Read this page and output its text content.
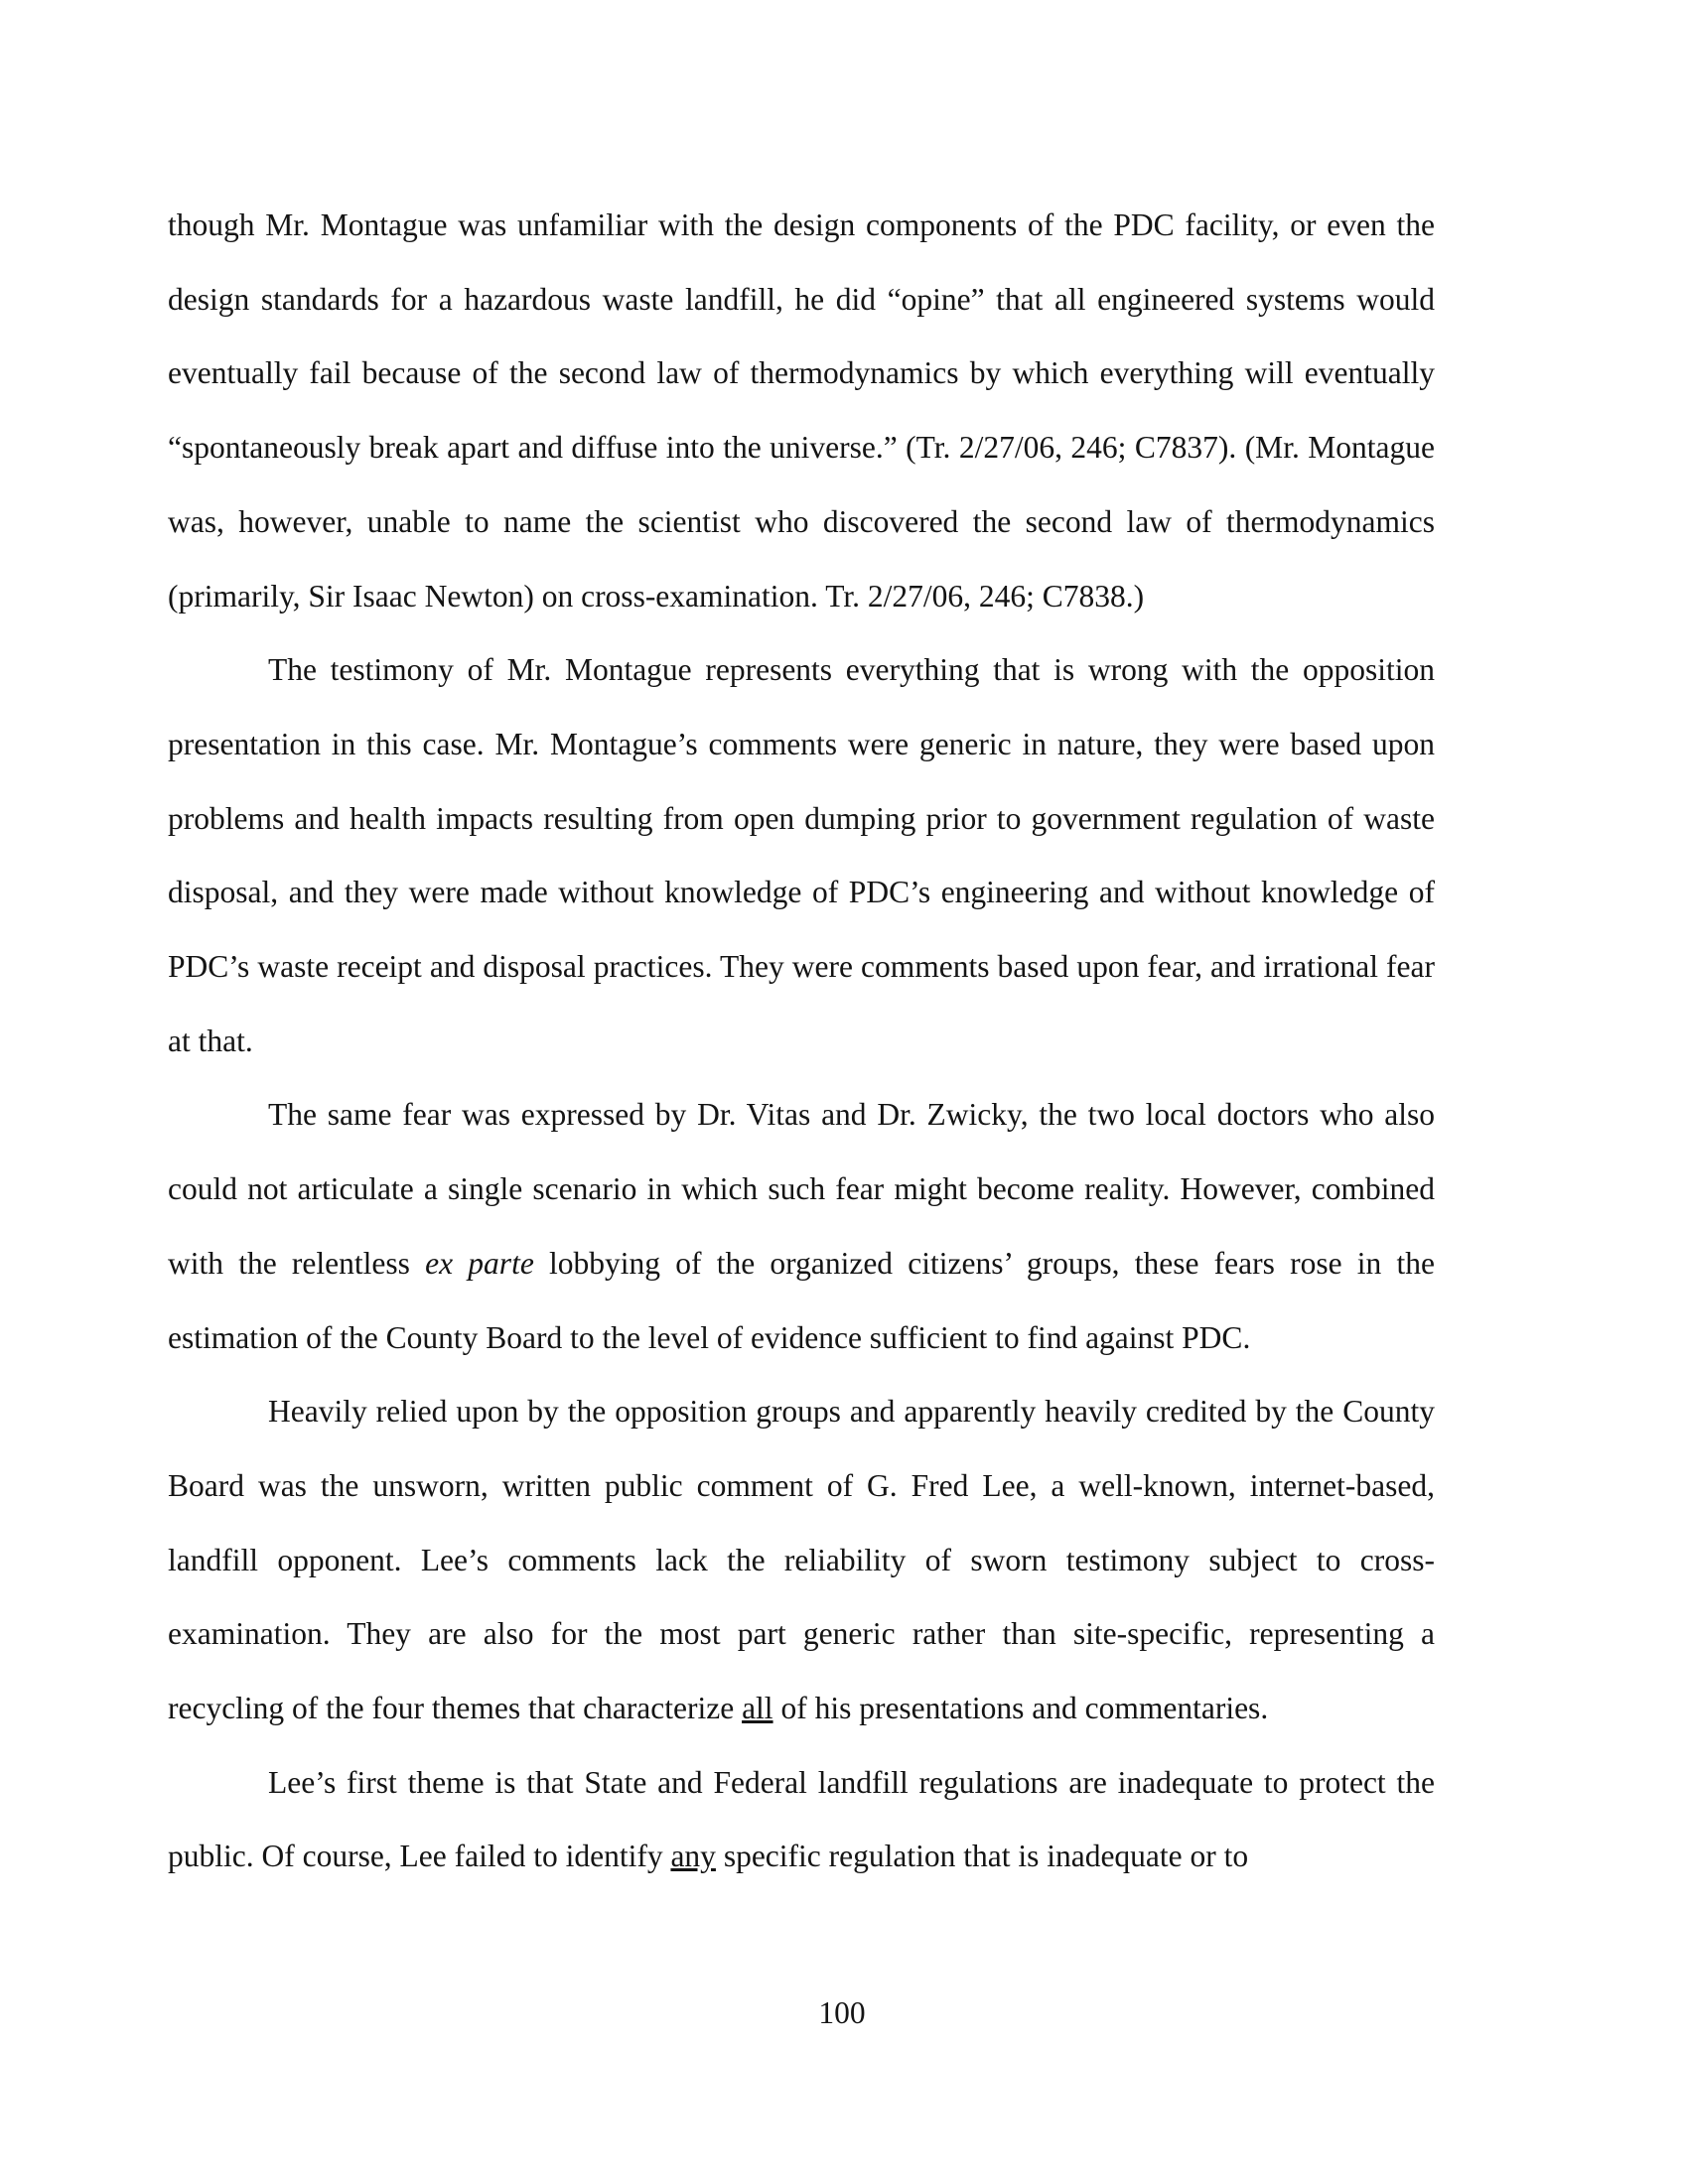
though Mr. Montague was unfamiliar with the design components of the PDC facility, or even the design standards for a hazardous waste landfill, he did “opine” that all engineered systems would eventually fail because of the second law of thermodynamics by which everything will eventually “spontaneously break apart and diffuse into the universe.” (Tr. 2/27/06, 246; C7837). (Mr. Montague was, however, unable to name the scientist who discovered the second law of thermodynamics (primarily, Sir Isaac Newton) on cross-examination. Tr. 2/27/06, 246; C7838.)

The testimony of Mr. Montague represents everything that is wrong with the opposition presentation in this case. Mr. Montague’s comments were generic in nature, they were based upon problems and health impacts resulting from open dumping prior to government regulation of waste disposal, and they were made without knowledge of PDC’s engineering and without knowledge of PDC’s waste receipt and disposal practices. They were comments based upon fear, and irrational fear at that.

The same fear was expressed by Dr. Vitas and Dr. Zwicky, the two local doctors who also could not articulate a single scenario in which such fear might become reality. However, combined with the relentless ex parte lobbying of the organized citizens’ groups, these fears rose in the estimation of the County Board to the level of evidence sufficient to find against PDC.

Heavily relied upon by the opposition groups and apparently heavily credited by the County Board was the unsworn, written public comment of G. Fred Lee, a well-known, internet-based, landfill opponent. Lee’s comments lack the reliability of sworn testimony subject to cross-examination. They are also for the most part generic rather than site-specific, representing a recycling of the four themes that characterize all of his presentations and commentaries.

Lee’s first theme is that State and Federal landfill regulations are inadequate to protect the public. Of course, Lee failed to identify any specific regulation that is inadequate or to

100
